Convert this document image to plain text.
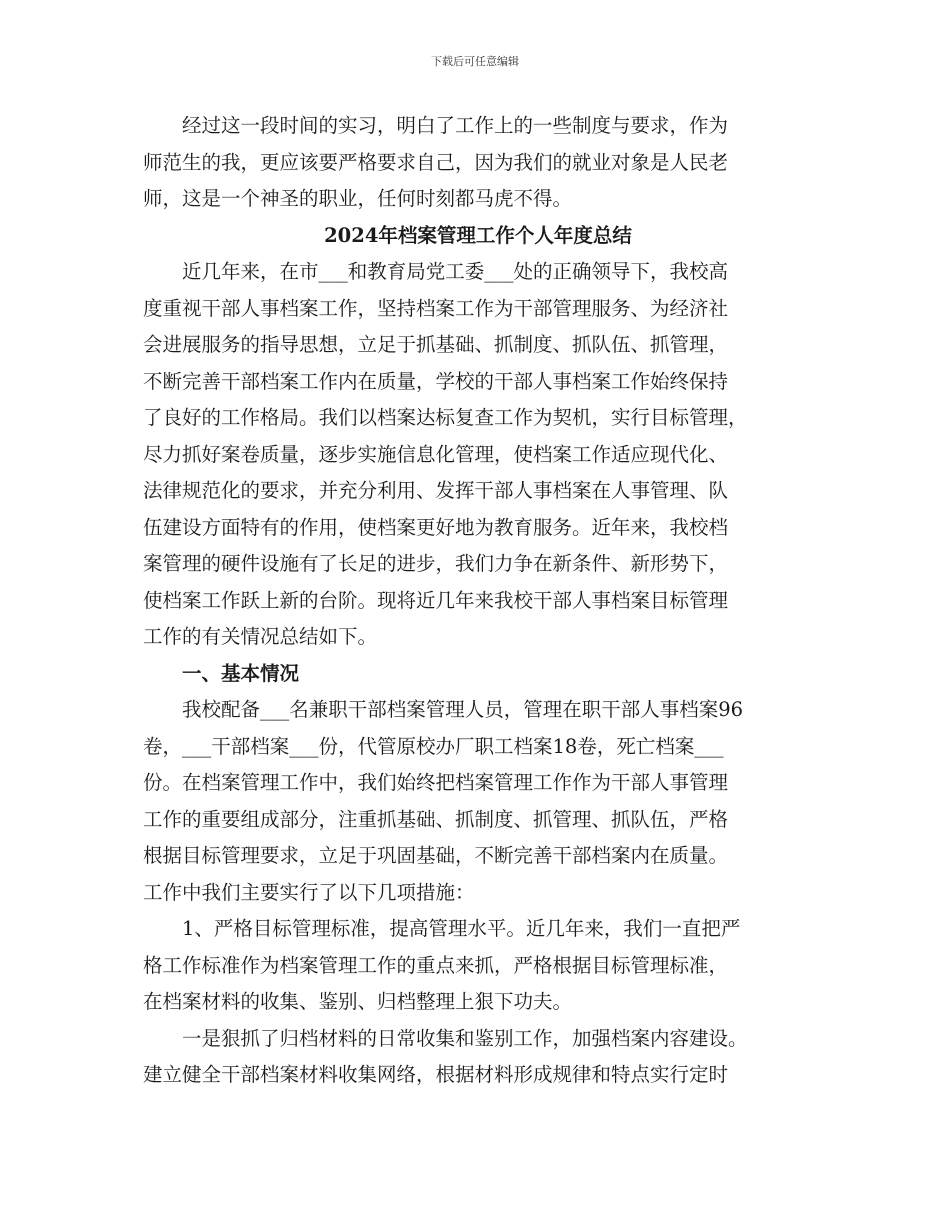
下载后可任意编辑
　　经过这一段时间的实习，明白了工作上的一些制度与要求，作为
师范生的我，更应该要严格要求自己，因为我们的就业对象是人民老
师，这是一个神圣的职业，任何时刻都马虎不得。
2024年档案管理工作个人年度总结
　　近几年来，在市___和教育局党工委___处的正确领导下，我校高
度重视干部人事档案工作，坚持档案工作为干部管理服务、为经济社
会进展服务的指导思想，立足于抓基础、抓制度、抓队伍、抓管理，
不断完善干部档案工作内在质量，学校的干部人事档案工作始终保持
了良好的工作格局。我们以档案达标复查工作为契机，实行目标管理，
尽力抓好案卷质量，逐步实施信息化管理，使档案工作适应现代化、
法律规范化的要求，并充分利用、发挥干部人事档案在人事管理、队
伍建设方面特有的作用，使档案更好地为教育服务。近年来，我校档
案管理的硬件设施有了长足的进步，我们力争在新条件、新形势下，
使档案工作跃上新的台阶。现将近几年来我校干部人事档案目标管理
工作的有关情况总结如下。
　　一、基本情况
　　我校配备___名兼职干部档案管理人员，管理在职干部人事档案96
卷，___干部档案___份，代管原校办厂职工档案18卷，死亡档案___
份。在档案管理工作中，我们始终把档案管理工作作为干部人事管理
工作的重要组成部分，注重抓基础、抓制度、抓管理、抓队伍，严格
根据目标管理要求，立足于巩固基础，不断完善干部档案内在质量。
工作中我们主要实行了以下几项措施：
　　1、严格目标管理标准，提高管理水平。近几年来，我们一直把严
格工作标准作为档案管理工作的重点来抓，严格根据目标管理标准，
在档案材料的收集、鉴别、归档整理上狠下功夫。
　　一是狠抓了归档材料的日常收集和鉴别工作，加强档案内容建设。
建立健全干部档案材料收集网络，根据材料形成规律和特点实行定时
